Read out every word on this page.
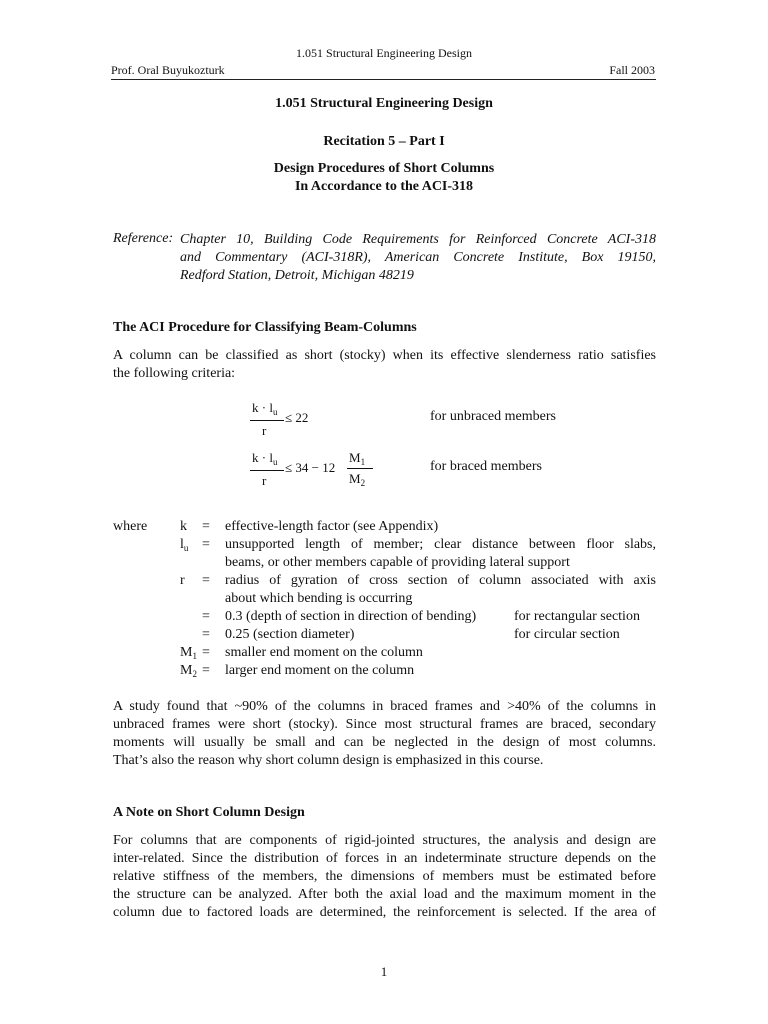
1.051 Structural Engineering Design
Prof. Oral Buyukozturk	Fall 2003
1.051 Structural Engineering Design
Recitation 5 – Part I
Design Procedures of Short Columns
In Accordance to the ACI-318
Reference: Chapter 10, Building Code Requirements for Reinforced Concrete ACI-318
and Commentary (ACI-318R), American Concrete Institute, Box 19150,
Redford Station, Detroit, Michigan 48219
The ACI Procedure for Classifying Beam-Columns
A column can be classified as short (stocky) when its effective slenderness ratio satisfies
the following criteria:
$k \cdot l_u$
r
≤ 22	for unbraced members
$k \cdot l_u$
r
≤ 34 − 12
$M_1$
$M_2$
for braced members
where k = effective-length factor (see Appendix)
$l_u$ = unsupported length of member; clear distance between floor slabs,
beams, or other members capable of providing lateral support
r = radius of gyration of cross section of column associated with axis
about which bending is occurring
= 0.3 (depth of section in direction of bending)	for rectangular section
= 0.25 (section diameter)	for circular section
$M_1$ = smaller end moment on the column
$M_2$ = larger end moment on the column
A study found that ~90% of the columns in braced frames and >40% of the columns in
unbraced frames were short (stocky). Since most structural frames are braced, secondary
moments will usually be small and can be neglected in the design of most columns.
That’s also the reason why short column design is emphasized in this course.
A Note on Short Column Design
For columns that are components of rigid-jointed structures, the analysis and design are
inter-related. Since the distribution of forces in an indeterminate structure depends on the
relative stiffness of the members, the dimensions of members must be estimated before
the structure can be analyzed. After both the axial load and the maximum moment in the
column due to factored loads are determined, the reinforcement is selected. If the area of
1
